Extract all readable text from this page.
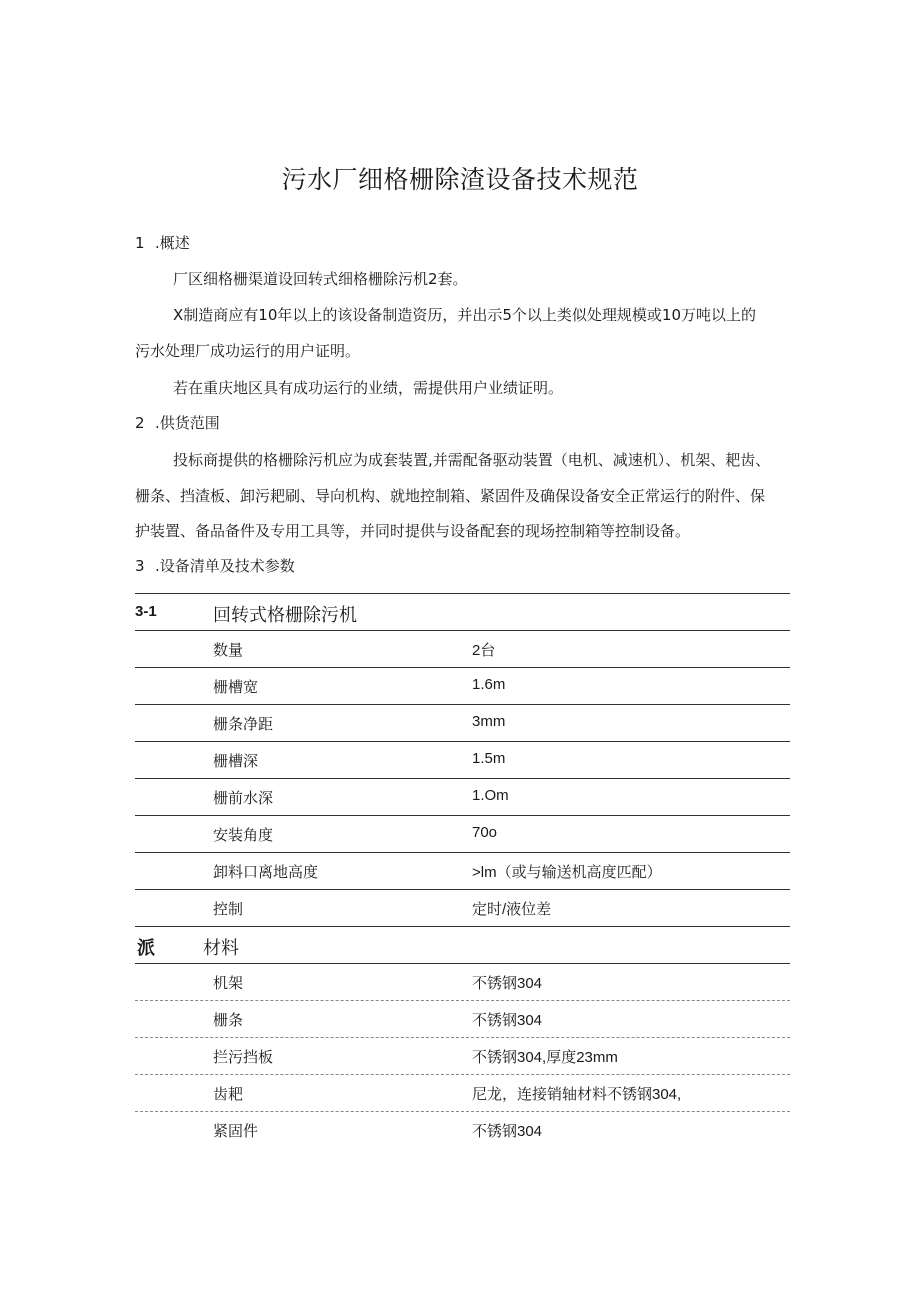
污水厂细格栅除渣设备技术规范
1 .概述
厂区细格栅渠道设回转式细格栅除污机2套。
X制造商应有10年以上的该设备制造资历，并出示5个以上类似处理规模或10万吨以上的
污水处理厂成功运行的用户证明。
若在重庆地区具有成功运行的业绩，需提供用户业绩证明。
2 .供货范围
投标商提供的格栅除污机应为成套装置,并需配备驱动装置（电机、减速机）、机架、耙齿、
栅条、挡渣板、卸污耙刷、导向机构、就地控制箱、紧固件及确保设备安全正常运行的附件、保
护装置、备品备件及专用工具等，并同时提供与设备配套的现场控制箱等控制设备。
3 .设备清单及技术参数
3-1	回转式格栅除污机
数量	2台
栅槽宽	1.6m
栅条净距	3mm
栅槽深	1.5m
栅前水深	1.Om
安装角度	70o
卸料口离地高度	>lm（或与输送机高度匹配）
控制	定时/液位差
派	材料
机架	不锈钢304
栅条	不锈钢304
拦污挡板	不锈钢304,厚度23mm
齿耙	尼龙，连接销轴材料不锈钢304,
紧固件	不锈钢304
